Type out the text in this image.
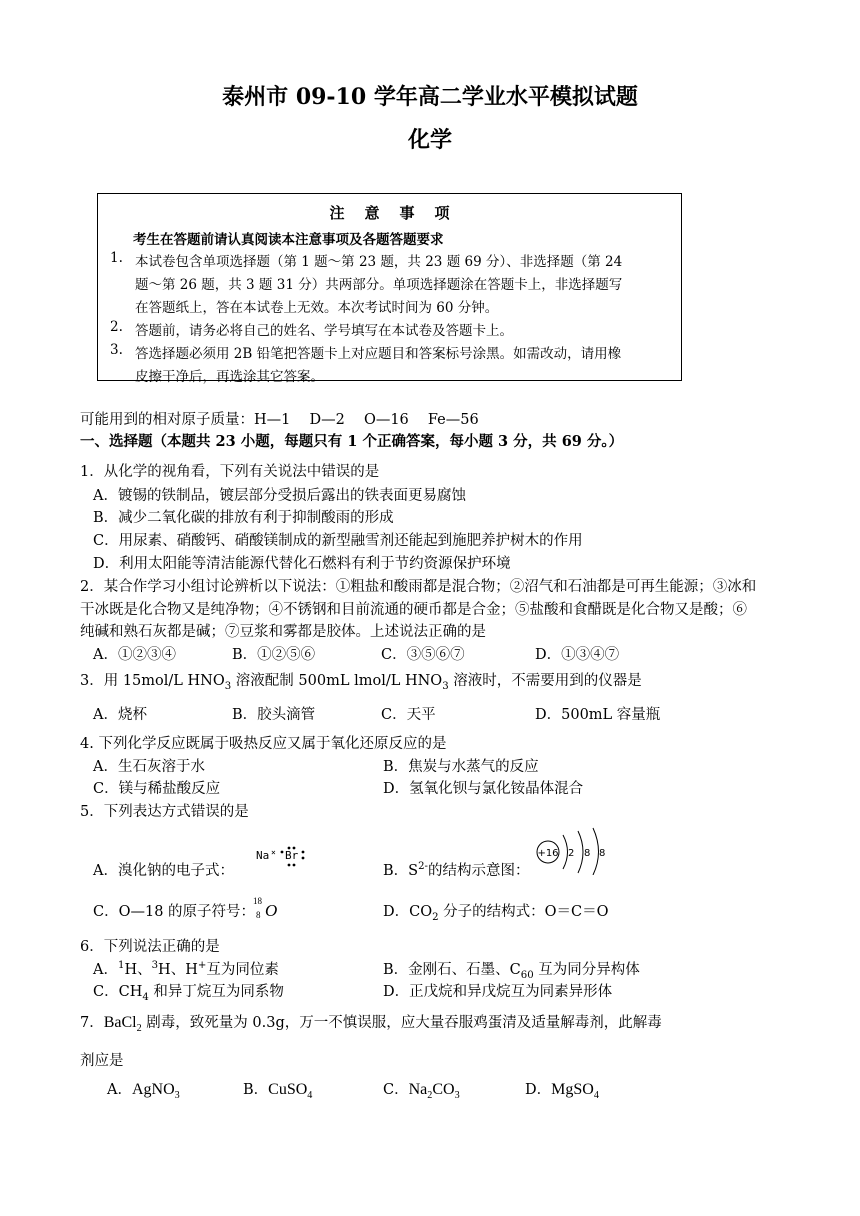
泰州市 09-10 学年高二学业水平模拟试题
化学
注 意 事 项
考生在答题前请认真阅读本注意事项及各题答题要求
1. 本试卷包含单项选择题（第 1 题～第 23 题，共 23 题 69 分）、非选择题（第 24
题～第 26 题，共 3 题 31 分）共两部分。单项选择题涂在答题卡上，非选择题写
在答题纸上，答在本试卷上无效。本次考试时间为 60 分钟。
2. 答题前，请务必将自己的姓名、学号填写在本试卷及答题卡上。
3. 答选择题必须用 2B 铅笔把答题卡上对应题目和答案标号涂黑。如需改动，请用橡
皮擦干净后，再选涂其它答案。
可能用到的相对原子质量：H—1　 D—2　 O—16　 Fe—56
一、选择题（本题共 23 小题，每题只有 1 个正确答案，每小题 3 分，共 69 分。）
1．从化学的视角看，下列有关说法中错误的是
A．镀锡的铁制品，镀层部分受损后露出的铁表面更易腐蚀
B．减少二氧化碳的排放有利于抑制酸雨的形成
C．用尿素、硝酸钙、硝酸镁制成的新型融雪剂还能起到施肥养护树木的作用
D．利用太阳能等清洁能源代替化石燃料有利于节约资源保护环境
2．某合作学习小组讨论辨析以下说法：①粗盐和酸雨都是混合物；②沼气和石油都是可再生能源；③冰和
干冰既是化合物又是纯净物；④不锈钢和目前流通的硬币都是合金；⑤盐酸和食醋既是化合物又是酸；⑥
纯碱和熟石灰都是碱；⑦豆浆和雾都是胶体。上述说法正确的是
A．①②③④	B．①②⑤⑥	C．③⑤⑥⑦	D．①③④⑦
3．用 15mol/L $HNO_3$ 溶液配制 500mL lmol/L $HNO_3$ 溶液时，不需要用到的仪器是
A．烧杯	B．胶头滴管	C．天平	D．500mL 容量瓶
4. 下列化学反应既属于吸热反应又属于氧化还原反应的是
A．生石灰溶于水	B．焦炭与水蒸气的反应
C．镁与稀盐酸反应	D．氢氧化钡与氯化铵晶体混合
5．下列表达方式错误的是
A．溴化钠的电子式：
Na × Br
B．$S^{2-}$的结构示意图：
+16 2 8 8
C．O—18 的原子符号：
18
8 O	D．$CO_2$ 分子的结构式：O＝C＝O
6．下列说法正确的是
A．$^1$H、$^3$H、H+互为同位素	B．金刚石、石墨、$C_{60}$ 互为同分异构体
C．$CH_4$ 和异丁烷互为同系物	D．正戊烷和异戊烷互为同素异形体
7．BaCl$_2$ 剧毒，致死量为 0.3g，万一不慎误服，应大量吞服鸡蛋清及适量解毒剂，此解毒
剂应是
A．AgNO$_3$	B．CuSO$_4$	C．$Na_2CO_3$	D．MgSO$_4$
